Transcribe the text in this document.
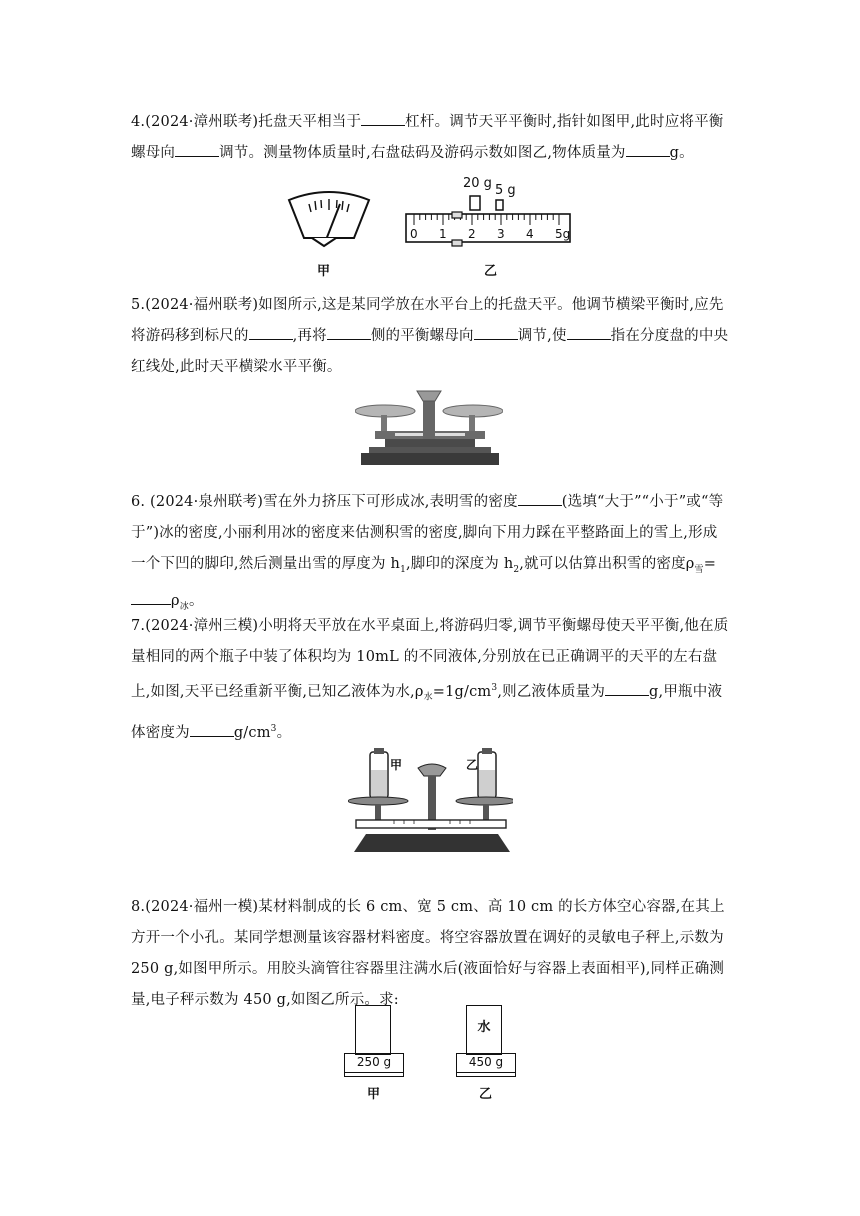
4.(2024·漳州联考)托盘天平相当于	杠杆。调节天平平衡时,指针如图甲,此时应将平衡螺母向	调节。测量物体质量时,右盘砝码及游码示数如图乙,物体质量为	g。
甲
20 g 5 g
0 1 2 3 4 5g
乙
5.(2024·福州联考)如图所示,这是某同学放在水平台上的托盘天平。他调节横梁平衡时,应先将游码移到标尺的	,再将	侧的平衡螺母向	调节,使	指在分度盘的中央红线处,此时天平横梁水平平衡。
6. (2024·泉州联考)雪在外力挤压下可形成冰,表明雪的密度	(选填“大于”“小于”或“等于”)冰的密度,小丽利用冰的密度来估测积雪的密度,脚向下用力踩在平整路面上的雪上,形成一个下凹的脚印,然后测量出雪的厚度为 $h_1$,脚印的深度为 $h_2$,就可以估算出积雪的密度$\rho_雪=\rho_冰$。
7.(2024·漳州三模)小明将天平放在水平桌面上,将游码归零,调节平衡螺母使天平平衡,他在质量相同的两个瓶子中装了体积均为 10mL 的不同液体,分别放在已正确调平的天平的左右盘上,如图,天平已经重新平衡,已知乙液体为水$,\rho_水=1g/cm^3$,则乙液体质量为	g,甲瓶中液体密度为	$g/cm^3$。
甲	乙
8.(2024·福州一模)某材料制成的长 6 cm、宽 5 cm、高 10 cm 的长方体空心容器,在其上方开一个小孔。某同学想测量该容器材料密度。将空容器放置在调好的灵敏电子秤上,示数为 250 g,如图甲所示。用胶头滴管往容器里注满水后(液面恰好与容器上表面相平),同样正确测量,电子秤示数为 450 g,如图乙所示。求:
250 g
甲
水
450 g
乙
